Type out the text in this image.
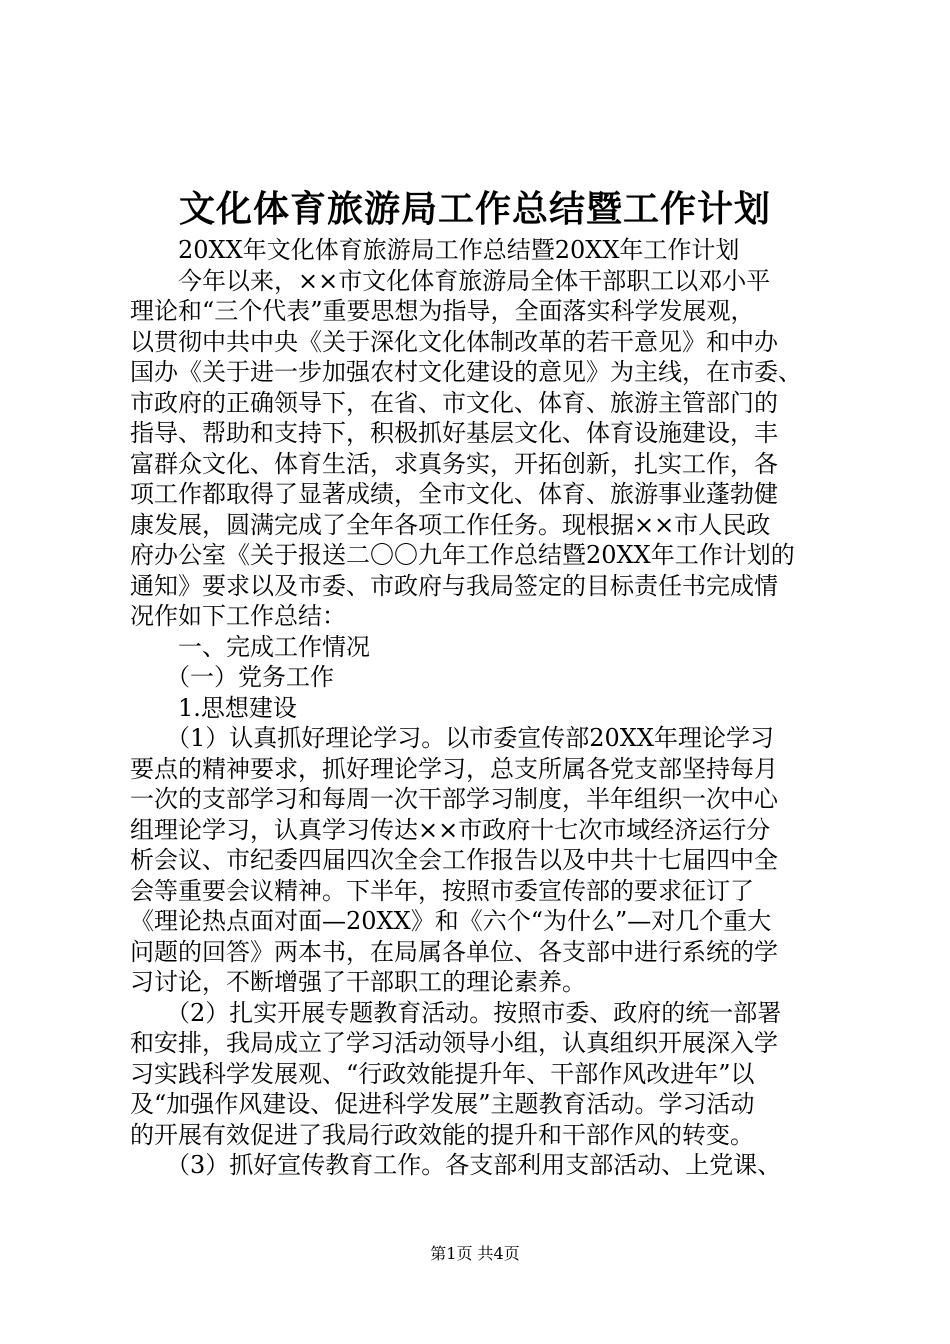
文化体育旅游局工作总结暨工作计划
　　20XX年文化体育旅游局工作总结暨20XX年工作计划
　　今年以来，××市文化体育旅游局全体干部职工以邓小平
理论和“三个代表”重要思想为指导，全面落实科学发展观，
以贯彻中共中央《关于深化文化体制改革的若干意见》和中办
国办《关于进一步加强农村文化建设的意见》为主线，在市委、
市政府的正确领导下，在省、市文化、体育、旅游主管部门的
指导、帮助和支持下，积极抓好基层文化、体育设施建设，丰
富群众文化、体育生活，求真务实，开拓创新，扎实工作，各
项工作都取得了显著成绩，全市文化、体育、旅游事业蓬勃健
康发展，圆满完成了全年各项工作任务。现根据××市人民政
府办公室《关于报送二〇〇九年工作总结暨20XX年工作计划的
通知》要求以及市委、市政府与我局签定的目标责任书完成情
况作如下工作总结：
　　一、完成工作情况
　　（一）党务工作
　　1.思想建设
　　（1）认真抓好理论学习。以市委宣传部20XX年理论学习
要点的精神要求，抓好理论学习，总支所属各党支部坚持每月
一次的支部学习和每周一次干部学习制度，半年组织一次中心
组理论学习，认真学习传达××市政府十七次市域经济运行分
析会议、市纪委四届四次全会工作报告以及中共十七届四中全
会等重要会议精神。下半年，按照市委宣传部的要求征订了
《理论热点面对面—20XX》和《六个“为什么”—对几个重大
问题的回答》两本书，在局属各单位、各支部中进行系统的学
习讨论，不断增强了干部职工的理论素养。
　　（2）扎实开展专题教育活动。按照市委、政府的统一部署
和安排，我局成立了学习活动领导小组，认真组织开展深入学
习实践科学发展观、“行政效能提升年、干部作风改进年”以
及“加强作风建设、促进科学发展”主题教育活动。学习活动
的开展有效促进了我局行政效能的提升和干部作风的转变。
　　（3）抓好宣传教育工作。各支部利用支部活动、上党课、
第1页 共4页
